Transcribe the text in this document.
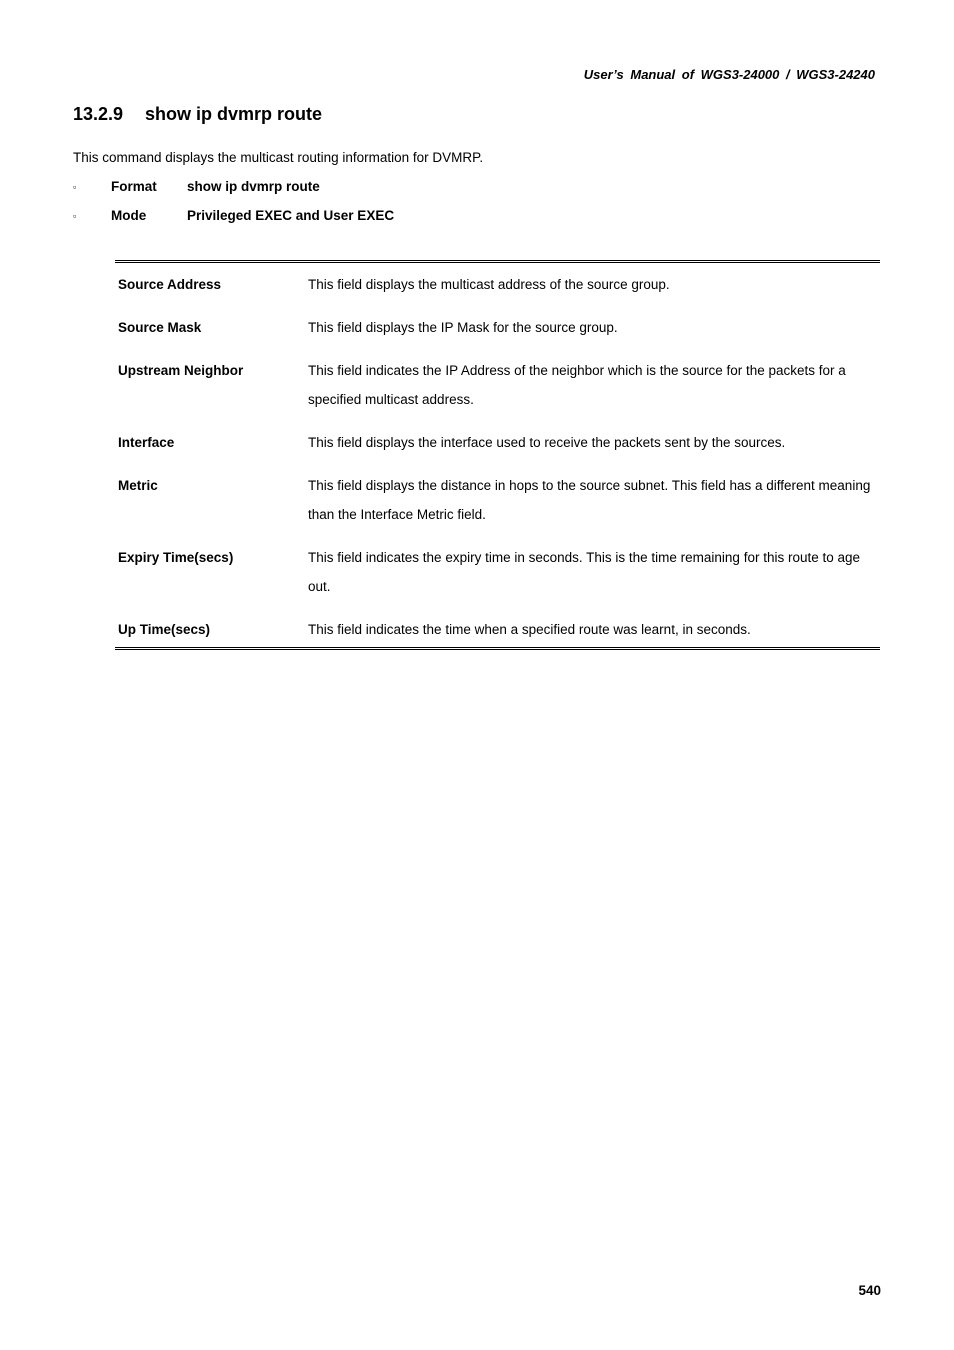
User’s Manual of WGS3-24000 / WGS3-24240
13.2.9 show ip dvmrp route
This command displays the multicast routing information for DVMRP.
▫	Format	show ip dvmrp route
▫	Mode	Privileged EXEC and User EXEC
Source Address	This field displays the multicast address of the source group.
Source Mask	This field displays the IP Mask for the source group.
Upstream Neighbor	This field indicates the IP Address of the neighbor which is the source for the packets for a specified multicast address.
Interface	This field displays the interface used to receive the packets sent by the sources.
Metric	This field displays the distance in hops to the source subnet. This field has a different meaning than the Interface Metric field.
Expiry Time(secs)	This field indicates the expiry time in seconds. This is the time remaining for this route to age out.
Up Time(secs)	This field indicates the time when a specified route was learnt, in seconds.
540
